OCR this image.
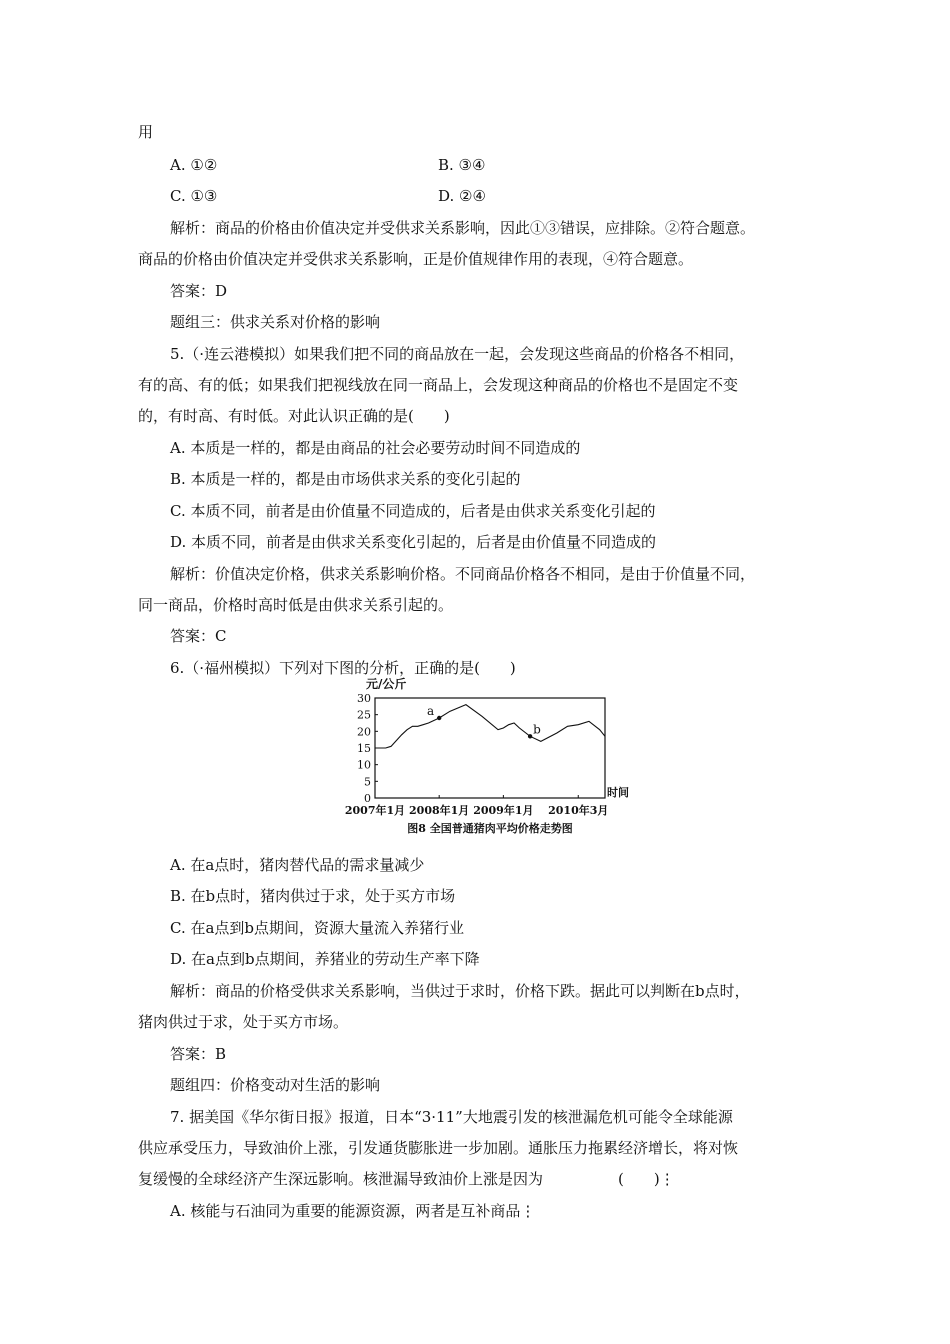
用
A. ①②	B. ③④
C. ①③	D. ②④
解析：商品的价格由价值决定并受供求关系影响，因此①③错误，应排除。②符合题意。
商品的价格由价值决定并受供求关系影响，正是价值规律作用的表现，④符合题意。
答案：D
题组三：供求关系对价格的影响
5.（·连云港模拟）如果我们把不同的商品放在一起，会发现这些商品的价格各不相同，
有的高、有的低；如果我们把视线放在同一商品上，会发现这种商品的价格也不是固定不变
的，有时高、有时低。对此认识正确的是(　　)
A. 本质是一样的，都是由商品的社会必要劳动时间不同造成的
B. 本质是一样的，都是由市场供求关系的变化引起的
C. 本质不同，前者是由价值量不同造成的，后者是由供求关系变化引起的
D. 本质不同，前者是由供求关系变化引起的，后者是由价值量不同造成的
解析：价值决定价格，供求关系影响价格。不同商品价格各不相同，是由于价值量不同，
同一商品，价格时高时低是由供求关系引起的。
答案：C
6.（·福州模拟）下列对下图的分析，正确的是(　　)
元/公斤
0
5
10
15
20
25
30
2007年1月 2008年1月 2009年1月 2010年3月
时间
a
b
图8 全国普通猪肉平均价格走势图
A. 在a点时，猪肉替代品的需求量减少
B. 在b点时，猪肉供过于求，处于买方市场
C. 在a点到b点期间，资源大量流入养猪行业
D. 在a点到b点期间，养猪业的劳动生产率下降
解析：商品的价格受供求关系影响，当供过于求时，价格下跌。据此可以判断在b点时，
猪肉供过于求，处于买方市场。
答案：B
题组四：价格变动对生活的影响
7. 据美国《华尔街日报》报道，日本“3·11”大地震引发的核泄漏危机可能令全球能源
供应承受压力，导致油价上涨，引发通货膨胀进一步加剧。通胀压力拖累经济增长，将对恢
复缓慢的全球经济产生深远影响。核泄漏导致油价上涨是因为　　　　　(　　)⋮
A. 核能与石油同为重要的能源资源，两者是互补商品⋮
